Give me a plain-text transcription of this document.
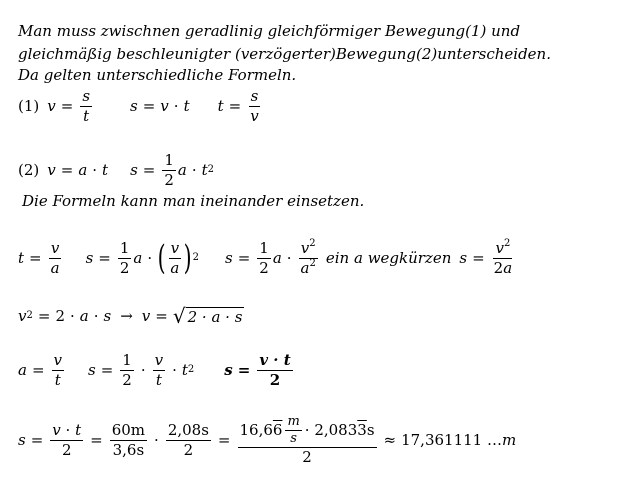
Man muss zwischnen geradlinig gleichförmiger Bewegung(1) und
gleichmäßig beschleunigter (verzögerter)Bewegung(2)unterscheiden.
Da gelten unterschiedliche Formeln.
(1) $v = \frac{s}{t}$	s = v · t $t = \frac{s}{v}$
(2) v = a · t $s = \frac{1}{2}$ a · t 2
Die Formeln kann man ineinander einsetzen.
$t = \frac{v}{a}$ $s = \frac{1}{2}$ a · ( $\frac{v}{a}$ ) 2 $s = \frac{1}{2}$ $a \cdot \frac{v^2}{a^2}$ ein a wegkürzen $s = \frac{v^2}{2a}$
v 2 = 2 · a · s → v = √ 2 · a · s
$a = \frac{v}{t}$ $s = \frac{1}{2} \cdot \frac{v}{t} \cdot t$ 2 $s = \frac{v \cdot t}{2}$
$s = \frac{v \cdot t}{2} = \frac{60m}{3,6s} \cdot \frac{2,08s}{2} = \frac{16,6 6 \frac{m}{s} \cdot 2,083 3 s}{2} \approx 17,361111$ … m
